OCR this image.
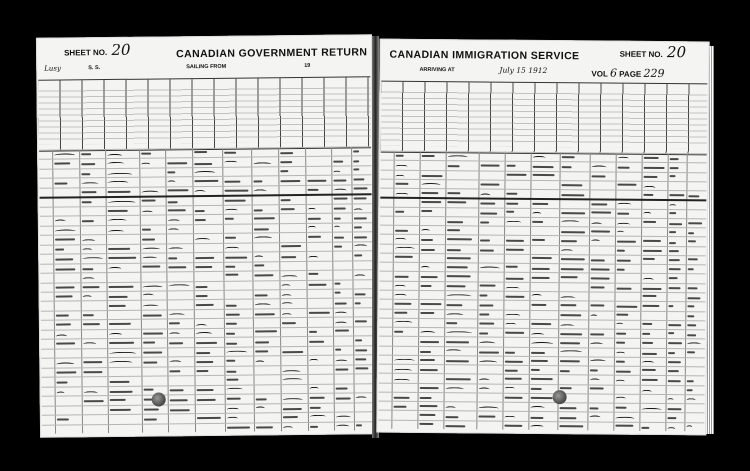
SHEET NO. 20	CANADIAN GOVERNMENT RETURN
Lusy	S. S.	SAILING FROM	19
CANADIAN IMMIGRATION SERVICE	SHEET NO. 20
ARRIVING AT	July 15 1912	VOL 6 PAGE 229
